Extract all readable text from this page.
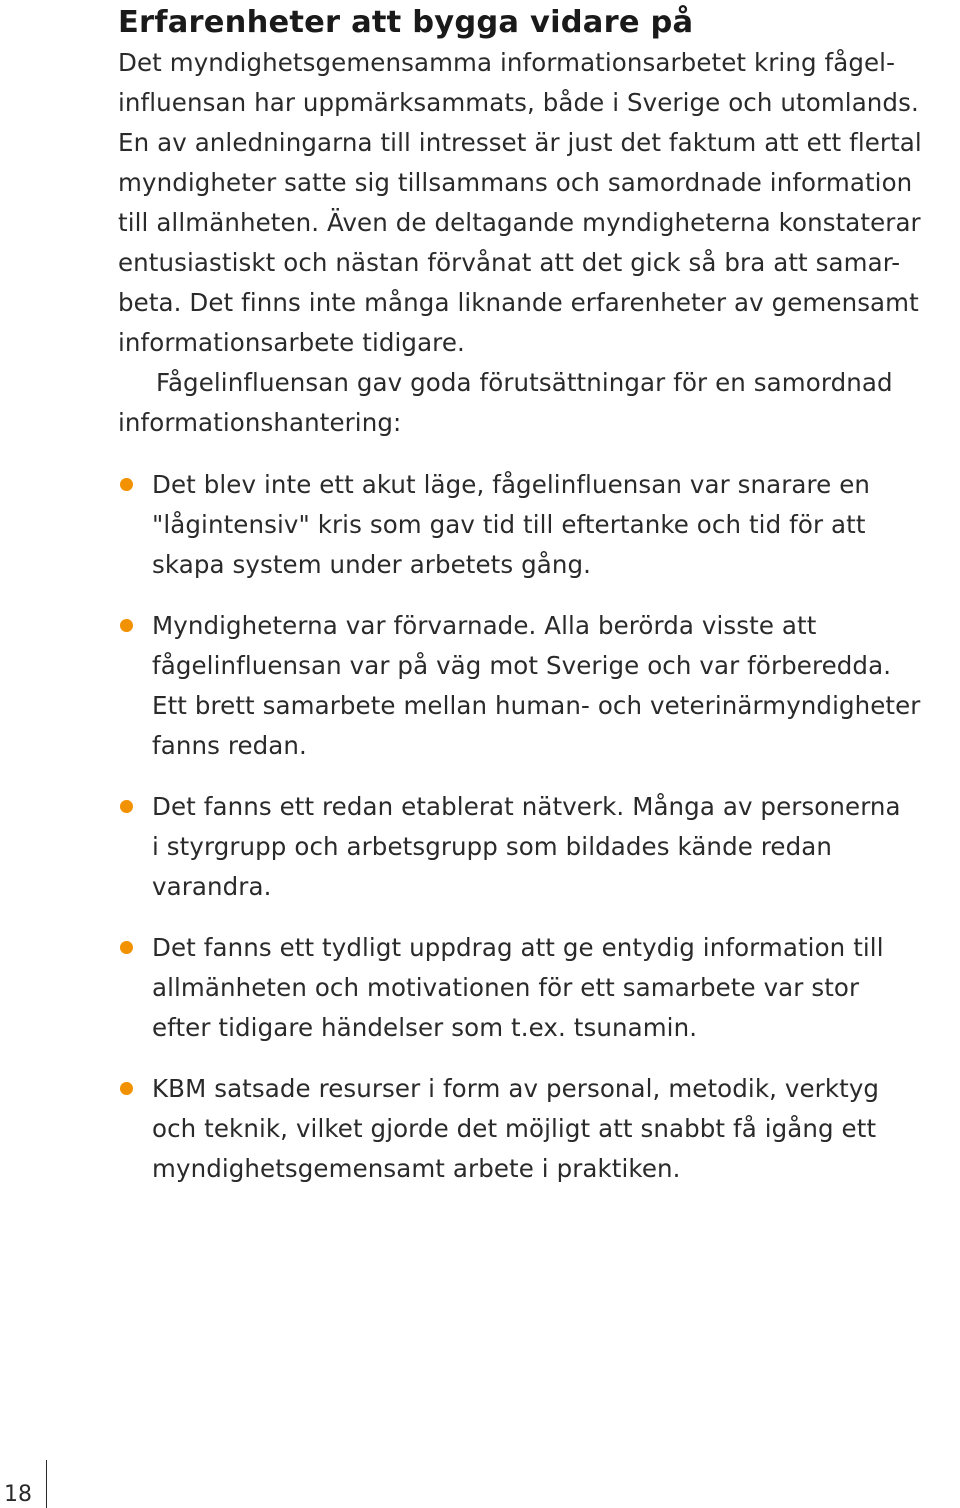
Erfarenheter att bygga vidare på

Det myndighetsgemensamma informationsarbetet kring fågel-
influensan har uppmärksammats, både i Sverige och utomlands.
En av anledningarna till intresset är just det faktum att ett flertal
myndigheter satte sig tillsammans och samordnade information
till allmänheten. Även de deltagande myndigheterna konstaterar
entusiastiskt och nästan förvånat att det gick så bra att samar-
beta. Det finns inte många liknande erfarenheter av gemensamt
informationsarbete tidigare.

Fågelinfluensan gav goda förutsättningar för en samordnad
informationshantering:

Det blev inte ett akut läge, fågelinfluensan var snarare en
"lågintensiv" kris som gav tid till eftertanke och tid för att
skapa system under arbetets gång.
Myndigheterna var förvarnade. Alla berörda visste att
fågelinfluensan var på väg mot Sverige och var förberedda.
Ett brett samarbete mellan human- och veterinärmyndigheter
fanns redan.
Det fanns ett redan etablerat nätverk. Många av personerna
i styrgrupp och arbetsgrupp som bildades kände redan
varandra.
Det fanns ett tydligt uppdrag att ge entydig information till
allmänheten och motivationen för ett samarbete var stor
efter tidigare händelser som t.ex. tsunamin.
KBM satsade resurser i form av personal, metodik, verktyg
och teknik, vilket gjorde det möjligt att snabbt få igång ett
myndighetsgemensamt arbete i praktiken.
18
